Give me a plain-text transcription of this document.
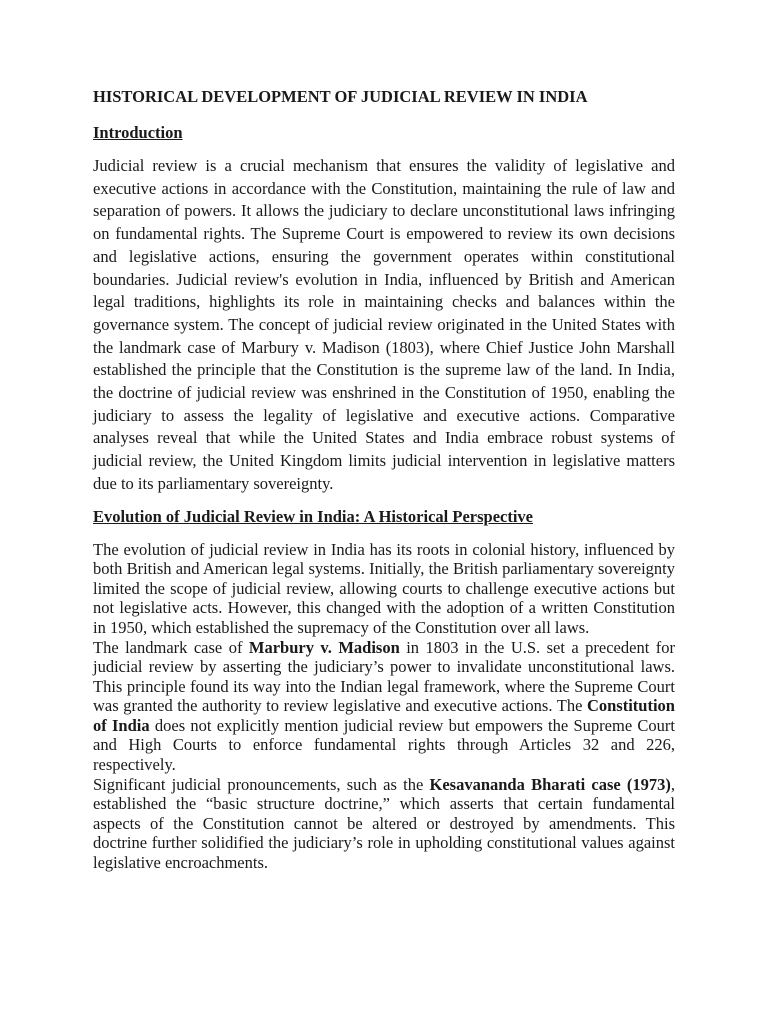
HISTORICAL DEVELOPMENT OF JUDICIAL REVIEW IN INDIA
Introduction

Judicial review is a crucial mechanism that ensures the validity of legislative and executive actions in accordance with the Constitution, maintaining the rule of law and separation of powers. It allows the judiciary to declare unconstitutional laws infringing on fundamental rights. The Supreme Court is empowered to review its own decisions and legislative actions, ensuring the government operates within constitutional boundaries. Judicial review's evolution in India, influenced by British and American legal traditions, highlights its role in maintaining checks and balances within the governance system. The concept of judicial review originated in the United States with the landmark case of Marbury v. Madison (1803), where Chief Justice John Marshall established the principle that the Constitution is the supreme law of the land. In India, the doctrine of judicial review was enshrined in the Constitution of 1950, enabling the judiciary to assess the legality of legislative and executive actions. Comparative analyses reveal that while the United States and India embrace robust systems of judicial review, the United Kingdom limits judicial intervention in legislative matters due to its parliamentary sovereignty.

Evolution of Judicial Review in India: A Historical Perspective

The evolution of judicial review in India has its roots in colonial history, influenced by both British and American legal systems. Initially, the British parliamentary sovereignty limited the scope of judicial review, allowing courts to challenge executive actions but not legislative acts. However, this changed with the adoption of a written Constitution in 1950, which established the supremacy of the Constitution over all laws.

The landmark case of Marbury v. Madison in 1803 in the U.S. set a precedent for judicial review by asserting the judiciary’s power to invalidate unconstitutional laws. This principle found its way into the Indian legal framework, where the Supreme Court was granted the authority to review legislative and executive actions. The Constitution of India does not explicitly mention judicial review but empowers the Supreme Court and High Courts to enforce fundamental rights through Articles 32 and 226, respectively.

Significant judicial pronouncements, such as the Kesavananda Bharati case (1973), established the “basic structure doctrine,” which asserts that certain fundamental aspects of the Constitution cannot be altered or destroyed by amendments. This doctrine further solidified the judiciary’s role in upholding constitutional values against legislative encroachments.
